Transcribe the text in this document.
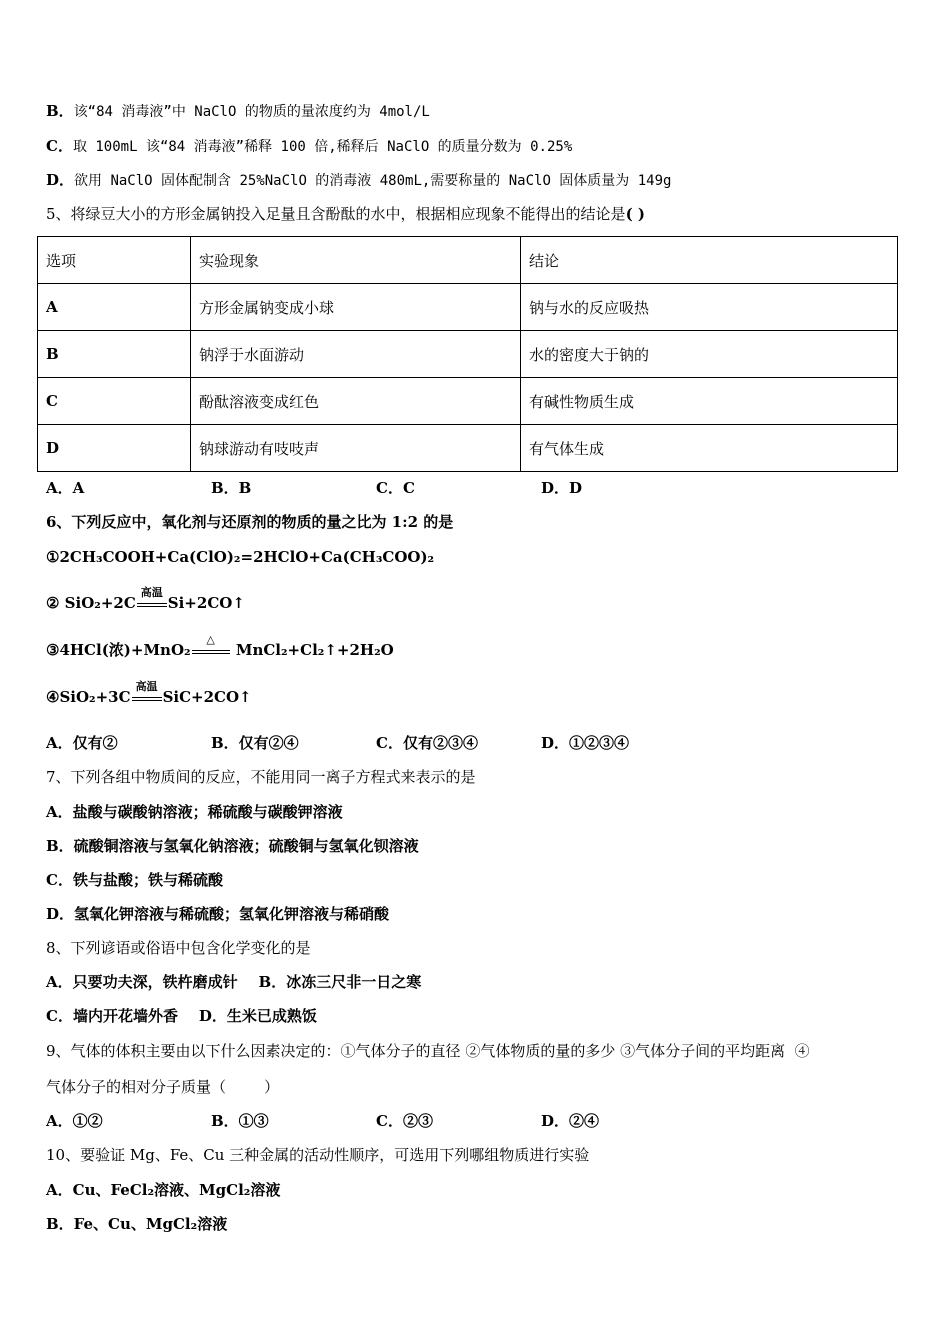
B．该“84 消毒液”中 NaClO 的物质的量浓度约为 4mol/L
C．取 100mL 该“84 消毒液”稀释 100 倍,稀释后 NaClO 的质量分数为 0.25%
D．欲用 NaClO 固体配制含 25%NaClO 的消毒液 480mL,需要称量的 NaClO 固体质量为 149g
5、将绿豆大小的方形金属钠投入足量且含酚酞的水中，根据相应现象不能得出的结论是( )
选项	实验现象	结论
A	方形金属钠变成小球	钠与水的反应吸热
B	钠浮于水面游动	水的密度大于钠的
C	酚酞溶液变成红色	有碱性物质生成
D	钠球游动有吱吱声	有气体生成
A．A	B．B	C．C	D．D
6、下列反应中，氧化剂与还原剂的物质的量之比为 1:2 的是
①2CH₃COOH+Ca(ClO)₂=2HClO+Ca(CH₃COO)₂
② SiO₂+2C
高温
Si+2CO↑
③4HCl(浓)+MnO₂
△
MnCl₂+Cl₂↑+2H₂O
④SiO₂+3C
高温
SiC+2CO↑
A．仅有②	B．仅有②④	C．仅有②③④	D．①②③④
7、下列各组中物质间的反应，不能用同一离子方程式来表示的是
A．盐酸与碳酸钠溶液；稀硫酸与碳酸钾溶液
B．硫酸铜溶液与氢氧化钠溶液；硫酸铜与氢氧化钡溶液
C．铁与盐酸；铁与稀硫酸
D．氢氧化钾溶液与稀硫酸；氢氧化钾溶液与稀硝酸
8、下列谚语或俗语中包含化学变化的是
A．只要功夫深，铁杵磨成针    B．冰冻三尺非一日之寒
C．墙内开花墙外香    D．生米已成熟饭
9、气体的体积主要由以下什么因素决定的：①气体分子的直径 ②气体物质的量的多少 ③气体分子间的平均距离  ④
气体分子的相对分子质量（        ）
A．①②	B．①③	C．②③	D．②④
10、要验证 Mg、Fe、Cu 三种金属的活动性顺序，可选用下列哪组物质进行实验
A．Cu、FeCl₂溶液、MgCl₂溶液
B．Fe、Cu、MgCl₂溶液
